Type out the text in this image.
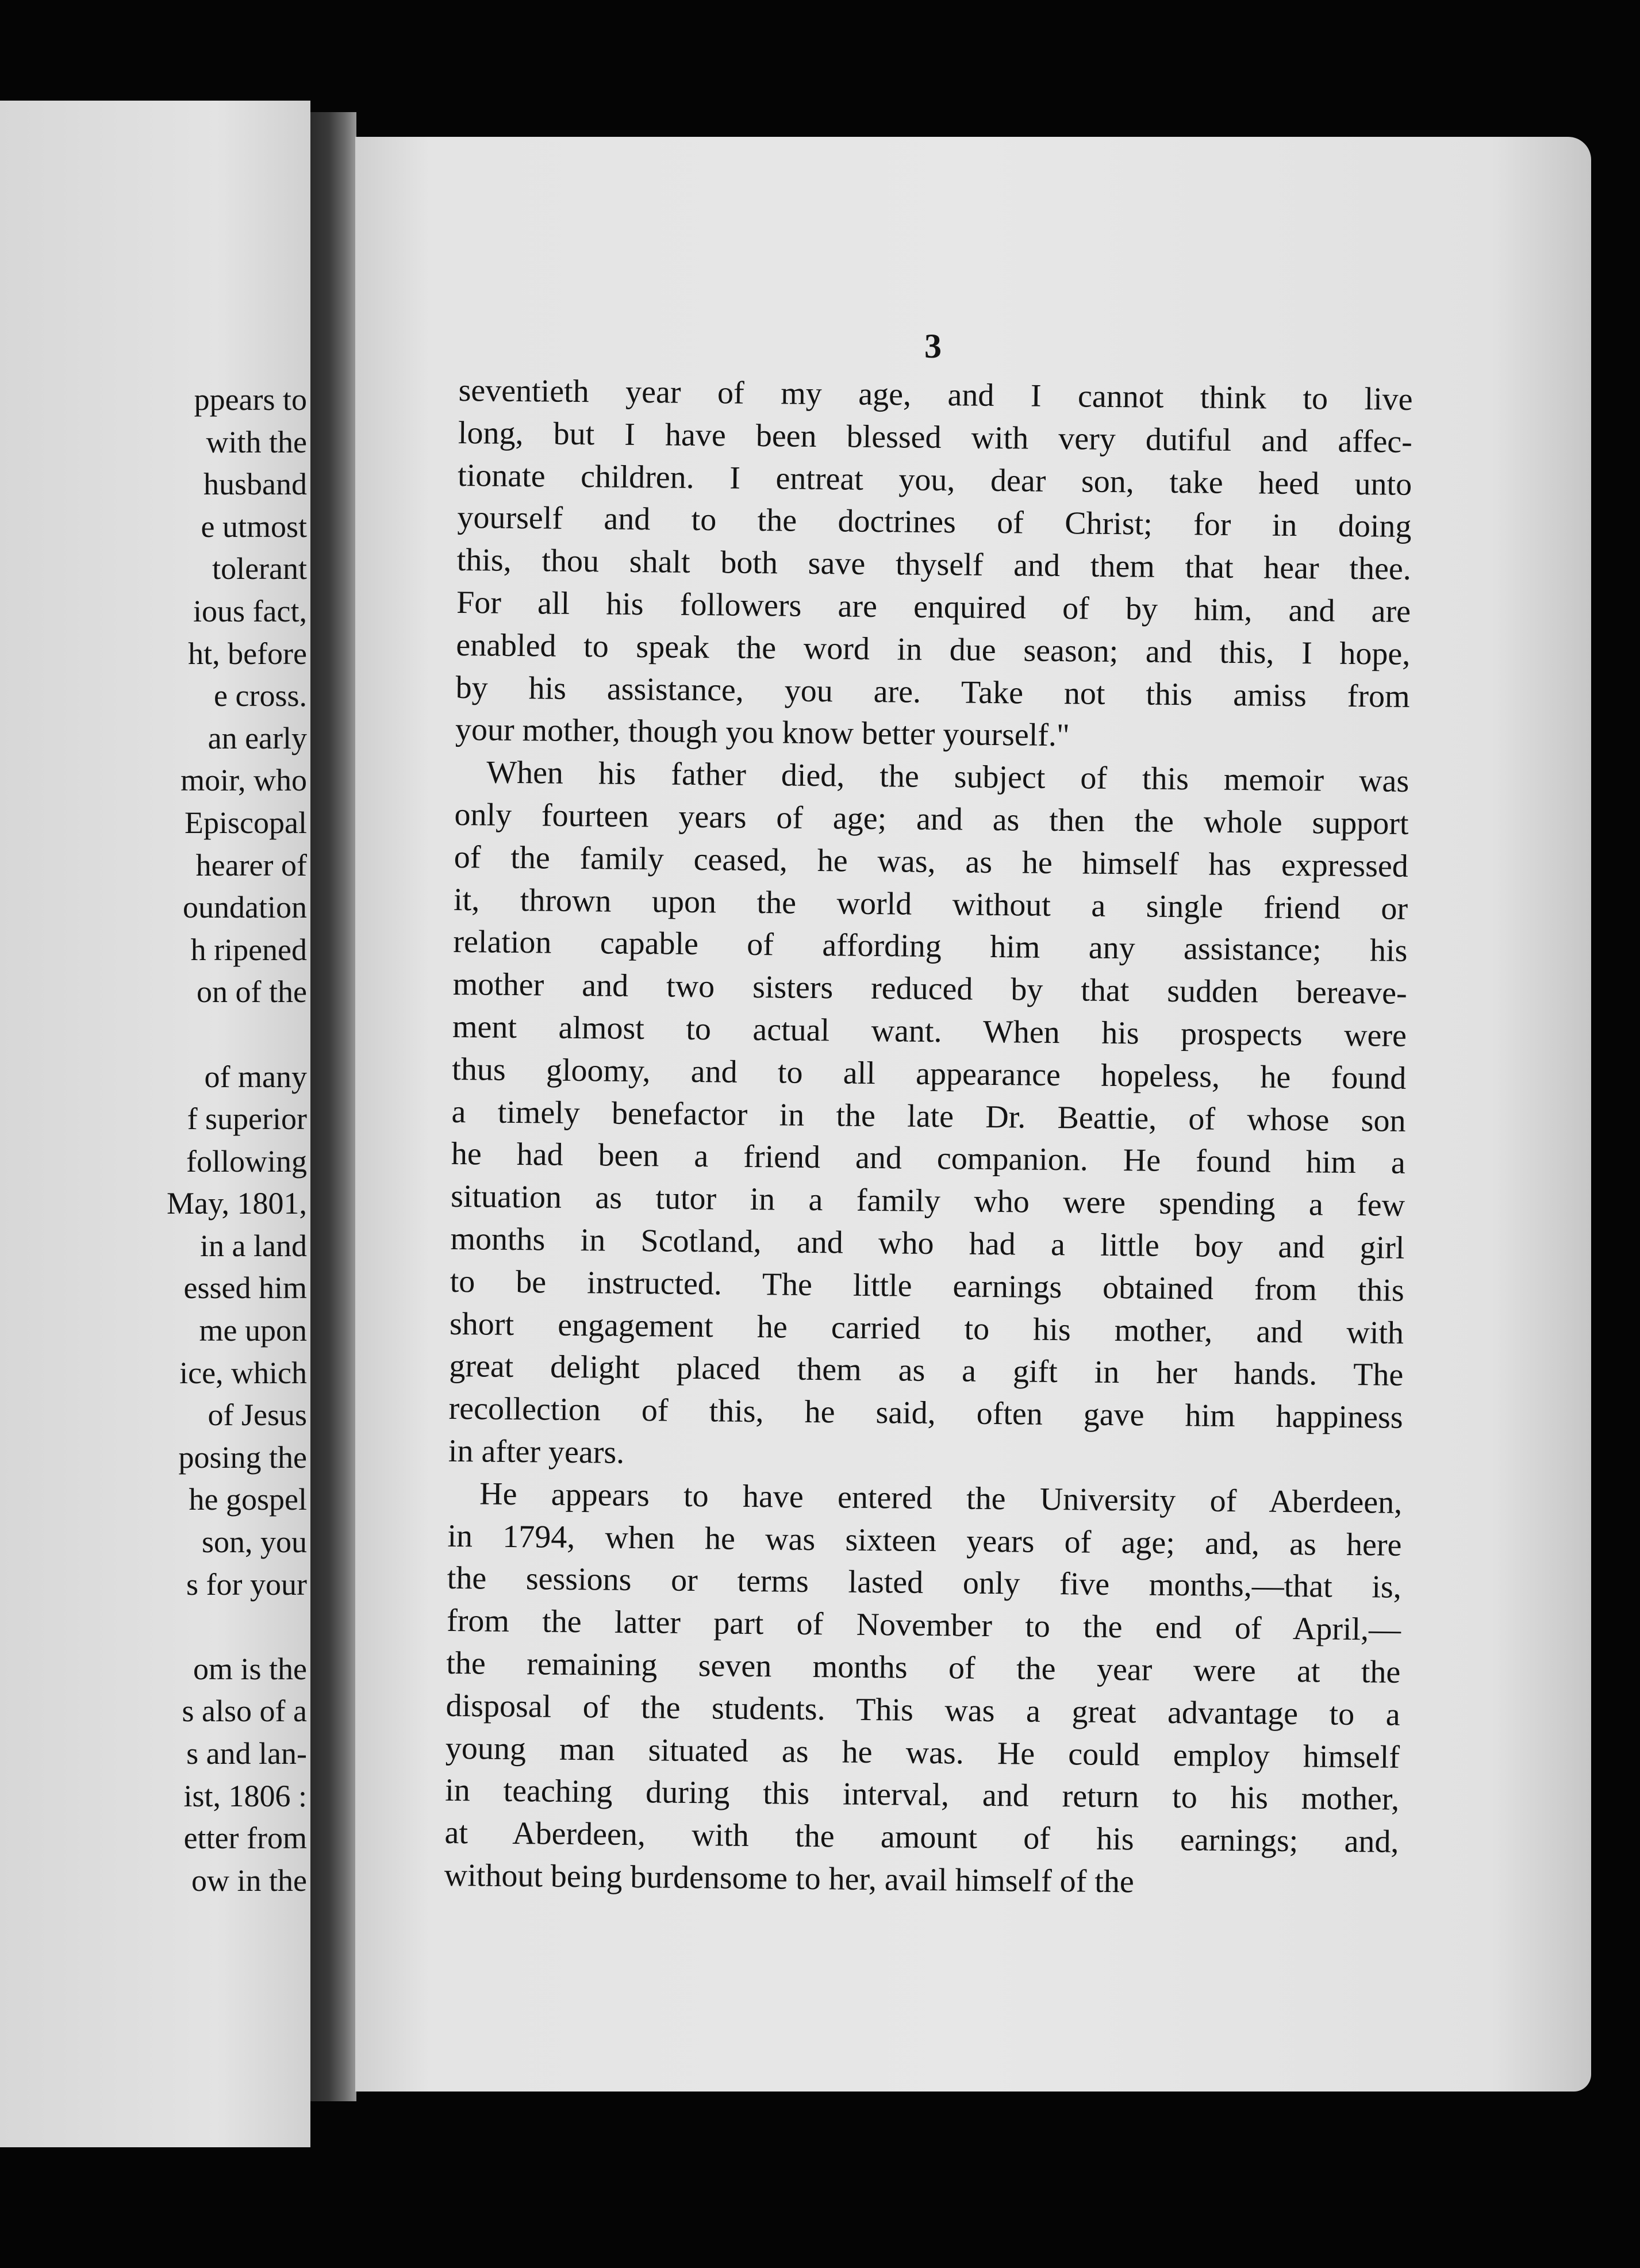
ppears to
with the
husband
e utmost
tolerant
ious fact,
ht, before
e cross.
an early
moir, who
Episcopal
hearer of
oundation
h ripened
on of the
of many
f superior
following
May, 1801,
in a land
essed him
me upon
ice, which
of Jesus
posing the
he gospel
son, you
s for your
om is the
s also of a
s and lan-
ist, 1806 :
etter from
ow in the
3
seventieth year of my age, and I cannot think to live
long, but I have been blessed with very dutiful and affec-
tionate children. I entreat you, dear son, take heed unto
yourself and to the doctrines of Christ; for in doing
this, thou shalt both save thyself and them that hear thee.
For all his followers are enquired of by him, and are
enabled to speak the word in due season; and this, I hope,
by his assistance, you are. Take not this amiss from
your mother, though you know better yourself."
When his father died, the subject of this memoir was
only fourteen years of age; and as then the whole support
of the family ceased, he was, as he himself has expressed
it, thrown upon the world without a single friend or
relation capable of affording him any assistance; his
mother and two sisters reduced by that sudden bereave-
ment almost to actual want. When his prospects were
thus gloomy, and to all appearance hopeless, he found
a timely benefactor in the late Dr. Beattie, of whose son
he had been a friend and companion. He found him a
situation as tutor in a family who were spending a few
months in Scotland, and who had a little boy and girl
to be instructed. The little earnings obtained from this
short engagement he carried to his mother, and with
great delight placed them as a gift in her hands. The
recollection of this, he said, often gave him happiness
in after years.
He appears to have entered the University of Aberdeen,
in 1794, when he was sixteen years of age; and, as here
the sessions or terms lasted only five months,—that is,
from the latter part of November to the end of April,—
the remaining seven months of the year were at the
disposal of the students. This was a great advantage to a
young man situated as he was. He could employ himself
in teaching during this interval, and return to his mother,
at Aberdeen, with the amount of his earnings; and,
without being burdensome to her, avail himself of the
